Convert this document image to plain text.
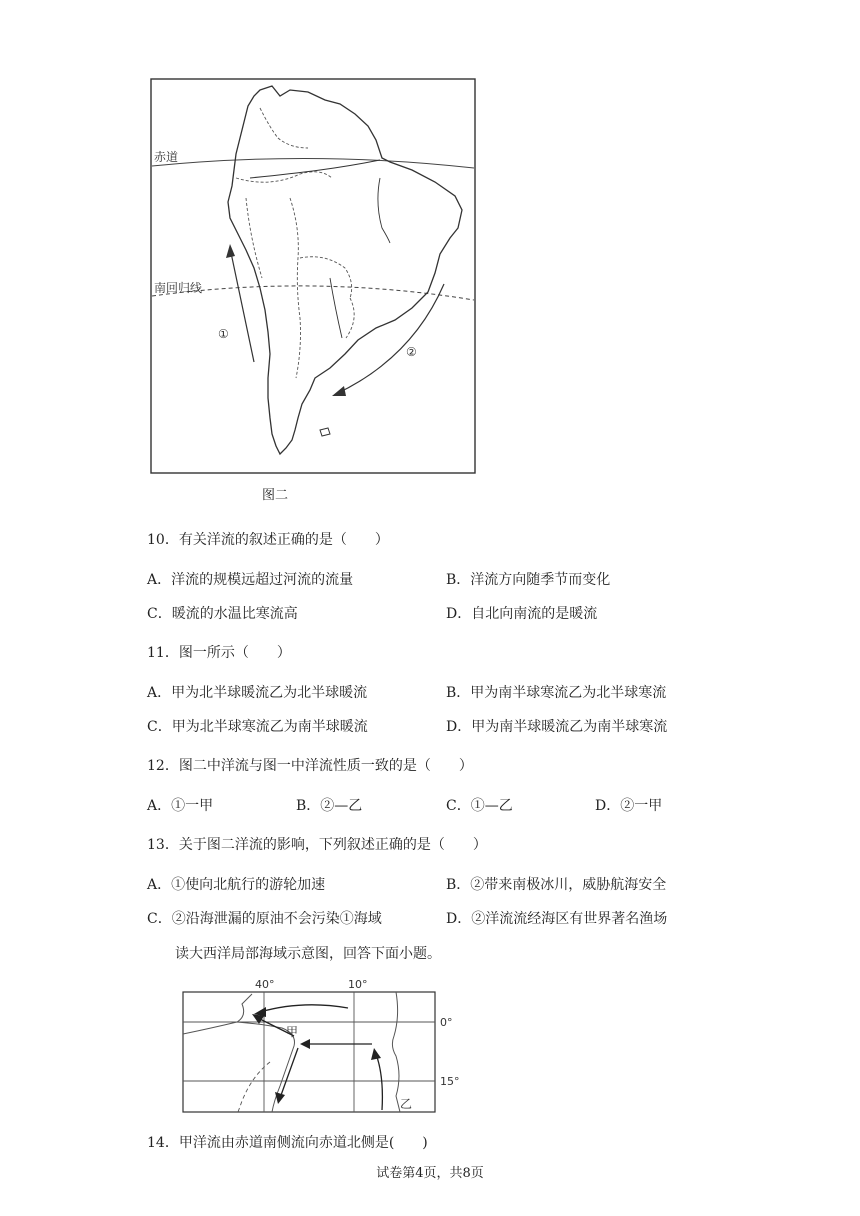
赤道
南回归线
①
②
图二
10．有关洋流的叙述正确的是（　　）
A．洋流的规模远超过河流的流量	B．洋流方向随季节而变化
C．暖流的水温比寒流高	D．自北向南流的是暖流
11．图一所示（　　）
A．甲为北半球暖流乙为北半球暖流	B．甲为南半球寒流乙为北半球寒流
C．甲为北半球寒流乙为南半球暖流	D．甲为南半球暖流乙为南半球寒流
12．图二中洋流与图一中洋流性质一致的是（　　）
A．①一甲	B．②—乙	C．①—乙	D．②一甲
13．关于图二洋流的影响，下列叙述正确的是（　　）
A．①使向北航行的游轮加速	B．②带来南极冰川，威胁航海安全
C．②沿海泄漏的原油不会污染①海域	D．②洋流流经海区有世界著名渔场
读大西洋局部海域示意图，回答下面小题。
40°	10°
0°
15°
甲
乙
14．甲洋流由赤道南侧流向赤道北侧是(　　)
试卷第4页，共8页
